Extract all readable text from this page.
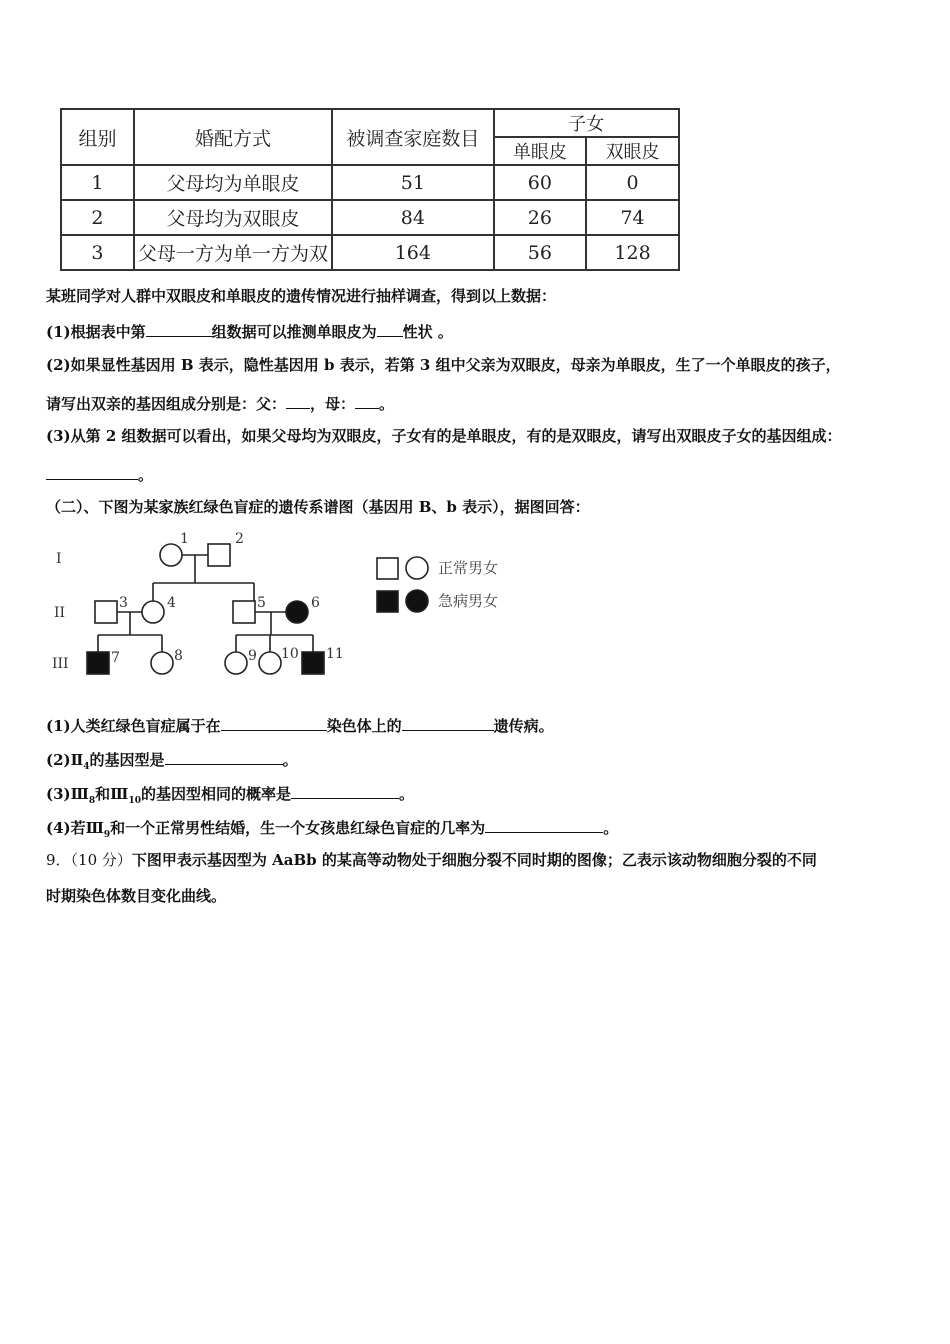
组别	婚配方式	被调查家庭数目	子女	
			单眼皮	双眼皮
1	父母均为单眼皮	51	60	0
2	父母均为双眼皮	84	26	74
3	父母一方为单一方为双	164	56	128
某班同学对人群中双眼皮和单眼皮的遗传情况进行抽样调查，得到以上数据：
(1)根据表中第	组数据可以推测单眼皮为 性状 。
(2)如果显性基因用 B 表示，隐性基因用 b 表示，若第 3 组中父亲为双眼皮，母亲为单眼皮，生了一个单眼皮的孩子，
请写出双亲的基因组成分别是：父： ，母： 。
(3)从第 2 组数据可以看出，如果父母均为双眼皮，子女有的是单眼皮，有的是双眼皮，请写出双眼皮子女的基因组成：
。
（二）、下图为某家族红绿色盲症的遗传系谱图（基因用 B、b 表示），据图回答：
I
II
III
1	2
3	4	5	6
7	8	9 10 11
正常男女
急病男女
(1)人类红绿色盲症属于在	染色体上的	遗传病。
$(2)Ⅱ_4$的基因型是	。
$(3)Ⅲ_8$和$Ⅲ_{10}$的基因型相同的概率是	。
(4)若$Ⅲ_9$和一个正常男性结婚，生一个女孩患红绿色盲症的几率为	。
9．（10 分）下图甲表示基因型为 AaBb 的某高等动物处于细胞分裂不同时期的图像；乙表示该动物细胞分裂的不同
时期染色体数目变化曲线。
